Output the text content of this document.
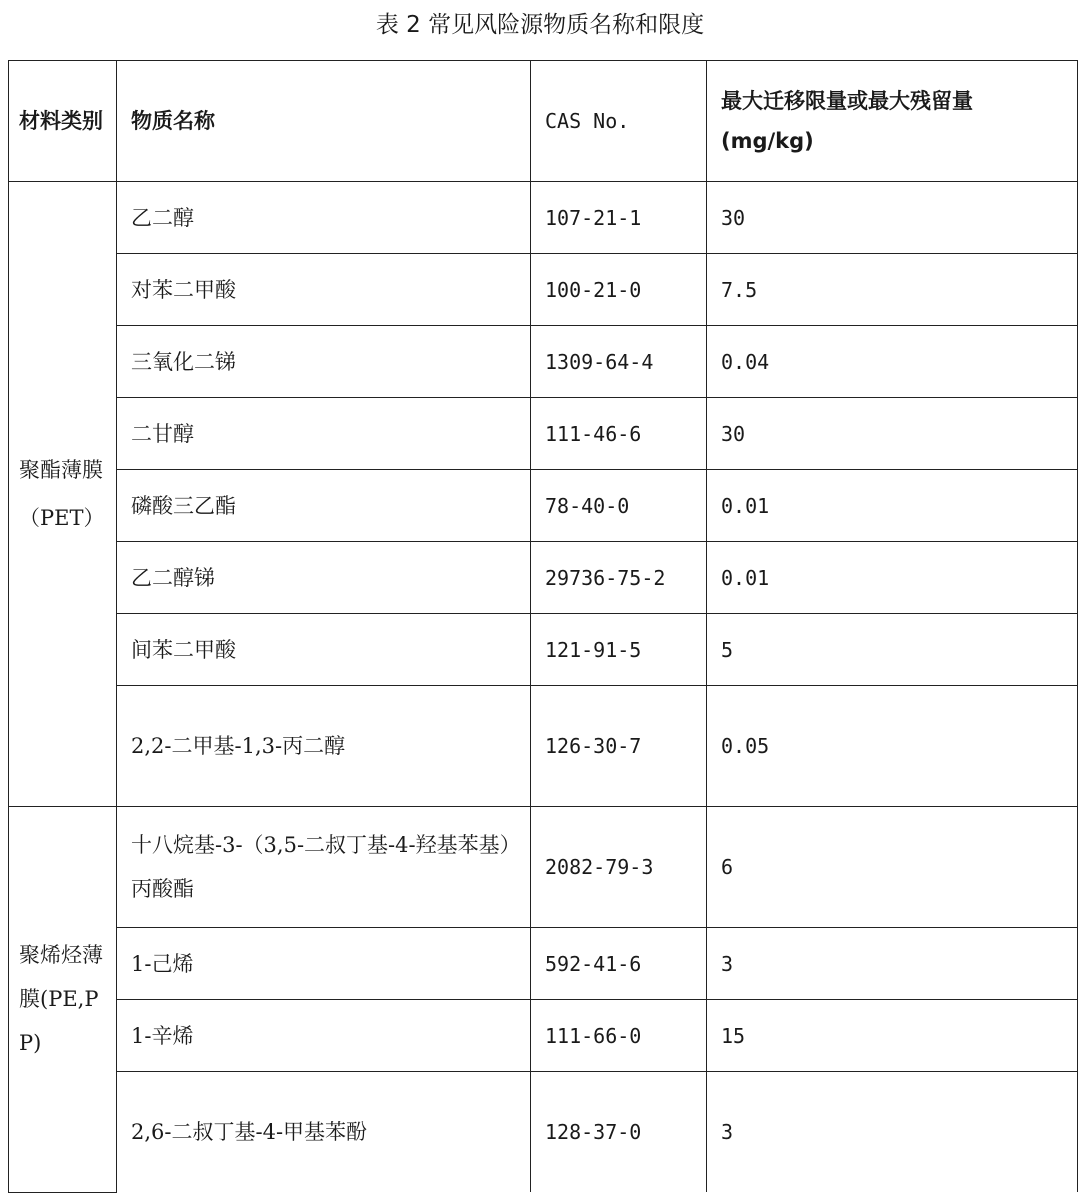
表 2 常见风险源物质名称和限度
材料类别	物质名称	CAS No.	最大迁移限量或最大残留量
(mg/kg)

聚酯薄膜（PET）	乙二醇	107-21-1	30
	对苯二甲酸	100-21-0	7.5
	三氧化二锑	1309-64-4	0.04
	二甘醇	111-46-6	30
	磷酸三乙酯	78-40-0	0.01
	乙二醇锑	29736-75-2	0.01
	间苯二甲酸	121-91-5	5
	2,2-二甲基-1,3-丙二醇	126-30-7	0.05

聚烯烃薄膜(PE,PP)	十八烷基-3-（3,5-二叔丁基-4-羟基苯基）丙酸酯	2082-79-3	6
	1-己烯	592-41-6	3
	1-辛烯	111-66-0	15
	2,6-二叔丁基-4-甲基苯酚	128-37-0	3
